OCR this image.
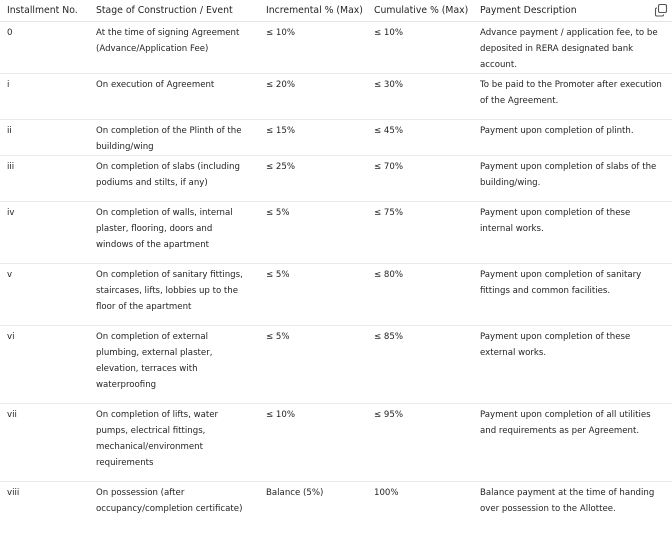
Installment No.	Stage of Construction / Event	Incremental % (Max)	Cumulative % (Max)	Payment Description

0	At the time of signing Agreement (Advance/Application Fee)	≤ 10%	≤ 10%	Advance payment / application fee, to be deposited in RERA designated bank account.
i	On execution of Agreement	≤ 20%	≤ 30%	To be paid to the Promoter after execution of the Agreement.
ii	On completion of the Plinth of the building/wing	≤ 15%	≤ 45%	Payment upon completion of plinth.
iii	On completion of slabs (including podiums and stilts, if any)	≤ 25%	≤ 70%	Payment upon completion of slabs of the building/wing.
iv	On completion of walls, internal plaster, flooring, doors and windows of the apartment	≤ 5%	≤ 75%	Payment upon completion of these internal works.
v	On completion of sanitary fittings, staircases, lifts, lobbies up to the floor of the apartment	≤ 5%	≤ 80%	Payment upon completion of sanitary fittings and common facilities.
vi	On completion of external plumbing, external plaster, elevation, terraces with waterproofing	≤ 5%	≤ 85%	Payment upon completion of these external works.
vii	On completion of lifts, water pumps, electrical fittings, mechanical/environment requirements	≤ 10%	≤ 95%	Payment upon completion of all utilities and requirements as per Agreement.
viii	On possession (after occupancy/completion certificate)	Balance (5%)	100%	Balance payment at the time of handing over possession to the Allottee.
